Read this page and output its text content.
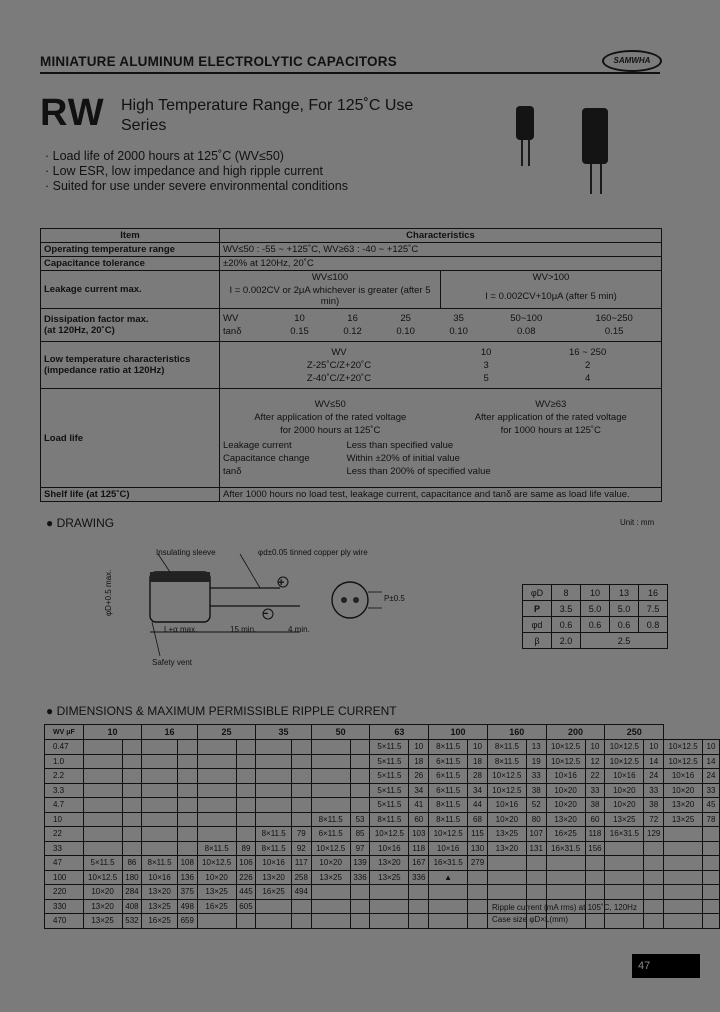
MINIATURE ALUMINUM ELECTROLYTIC CAPACITORS	SAMWHA
RW High Temperature Range, For 125˚C Use
Series
· Load life of 2000 hours at 125˚C (WV≤50)
· Low ESR, low impedance and high ripple current
· Suited for use under severe environmental conditions
Item	Characteristics
Operating temperature range	WV≤50 : -55 ~ +125˚C, WV≥63 : -40 ~ +125˚C
Capacitance tolerance	±20% at 120Hz, 20˚C
Leakage current max.	
WV≤100	WV>100
I = 0.002CV or 2μA whichever is greater (after 5 min)	I = 0.002CV+10μA (after 5 min)

Dissipation factor max.
(at 120Hz, 20˚C)

WV	10	16	25	35	50~100	160~250
tanδ	0.15	0.12	0.10	0.10	0.08	0.15

Low temperature characteristics
(impedance ratio at 120Hz)

WV	10	16 ~ 250
Z-25˚C/Z+20˚C	3	2
Z-40˚C/Z+20˚C	5	4

Load life	
WV≤50	WV≥63
After application of the rated voltage	After application of the rated voltage
for 2000 hours at 125˚C	for 1000 hours at 125˚C
Leakage current	Less than specified value
Capacitance change	Within ±20% of initial value
tanδ	Less than 200% of specified value

Shelf life (at 125˚C)	After 1000 hours no load test, leakage current, capacitance and tanδ are same as load life value.
● DRAWING	Unit : mm
Insulating sleeve	φd±0.05 tinned copper ply wire
φD+0.5 max.
L+α max.	15 min.	4 min.
Safety vent
+
−
P±0.5
φD	8	10	13	16
P	3.5	5.0	5.0	7.5
φd	0.6	0.6	0.6	0.8
β	2.0	2.5		
● DIMENSIONS & MAXIMUM PERMISSIBLE RIPPLE CURRENT
WV μF	10		16		25		35		50		63		100		160		200		250			
0.47											5×11.5	10	8×11.5	10	8×11.5	13	10×12.5	10	10×12.5	10	10×12.5	10
1.0											5×11.5	18	6×11.5	18	8×11.5	19	10×12.5	12	10×12.5	14	10×12.5	14
2.2											5×11.5	26	6×11.5	28	10×12.5	33	10×16	22	10×16	24	10×16	24
3.3											5×11.5	34	6×11.5	34	10×12.5	38	10×20	33	10×20	33	10×20	33
4.7											5×11.5	41	8×11.5	44	10×16	52	10×20	38	10×20	38	13×20	45
10									8×11.5	53	8×11.5	60	8×11.5	68	10×20	80	13×20	60	13×25	72	13×25	78
22							8×11.5	79	6×11.5	85	10×12.5	103	10×12.5	115	13×25	107	16×25	118	16×31.5	129		
33					8×11.5	89	8×11.5	92	10×12.5	97	10×16	118	10×16	130	13×20	131	16×31.5	156				
47	5×11.5	86	8×11.5	108	10×12.5	106	10×16	117	10×20	139	13×20	167	16×31.5	279								
100	10×12.5	180	10×16	136	10×20	226	13×20	258	13×25	336	13×25	336	▲									
220	10×20	284	13×20	375	13×25	445	16×25	494														
330	13×20	408	13×25	498	16×25	605																
470	13×25	532	16×25	659																		
Ripple current (mA rms) at 105˚C, 120Hz
Case size φD×L(mm)
47
